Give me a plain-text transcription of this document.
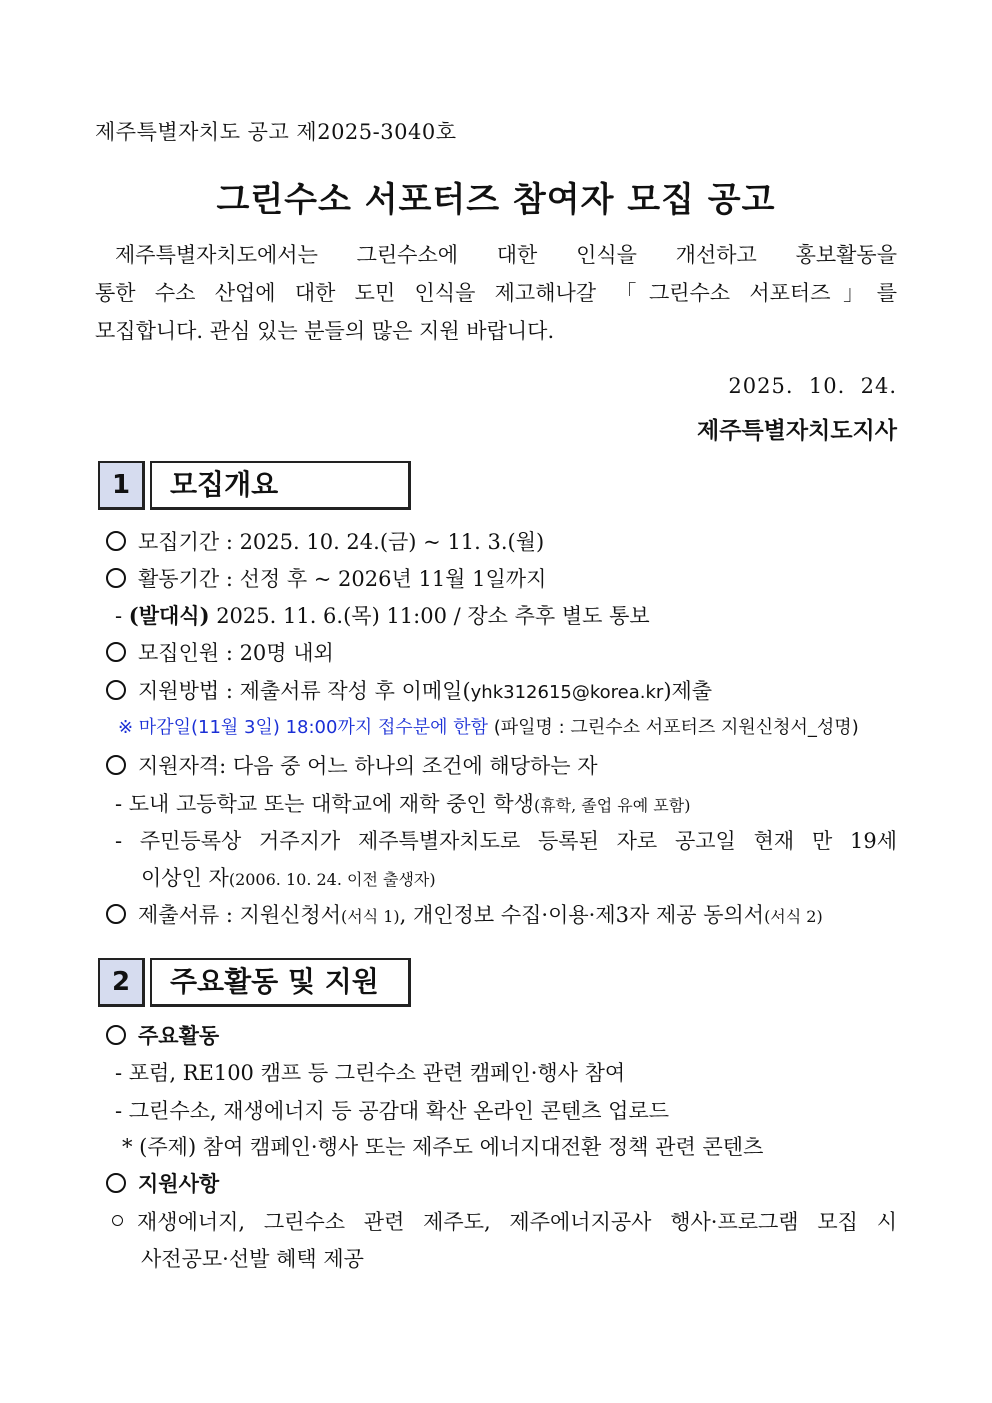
제주특별자치도 공고 제2025-3040호
그린수소 서포터즈 참여자 모집 공고
제주특별자치도에서는 그린수소에 대한 인식을 개선하고 홍보활동을
통한 수소 산업에 대한 도민 인식을 제고해나갈 「그린수소 서포터즈」를
모집합니다. 관심 있는 분들의 많은 지원 바랍니다.
2025.  10.  24.
제주특별자치도지사
1	모집개요
모집기간 : 2025. 10. 24.(금) ~ 11. 3.(월)
활동기간 : 선정 후 ~ 2026년 11월 1일까지
- (발대식) 2025. 11. 6.(목) 11:00 / 장소 추후 별도 통보
모집인원 : 20명 내외
지원방법 : 제출서류 작성 후 이메일(yhk312615@korea.kr)제출
※ 마감일(11월 3일) 18:00까지 접수분에 한함 (파일명 : 그린수소 서포터즈 지원신청서_성명)
지원자격: 다음 중 어느 하나의 조건에 해당하는 자
- 도내 고등학교 또는 대학교에 재학 중인 학생(휴학, 졸업 유예 포함)
- 주민등록상 거주지가 제주특별자치도로 등록된 자로 공고일 현재 만 19세
이상인 자(2006. 10. 24. 이전 출생자)
제출서류 : 지원신청서(서식 1), 개인정보 수집·이용·제3자 제공 동의서(서식 2)
2	주요활동 및 지원
주요활동
- 포럼, RE100 캠프 등 그린수소 관련 캠페인·행사 참여
- 그린수소, 재생에너지 등 공감대 확산 온라인 콘텐츠 업로드
* (주제) 참여 캠페인·행사 또는 제주도 에너지대전환 정책 관련 콘텐츠
지원사항
재생에너지, 그린수소 관련 제주도, 제주에너지공사 행사·프로그램 모집 시
사전공모·선발 혜택 제공
